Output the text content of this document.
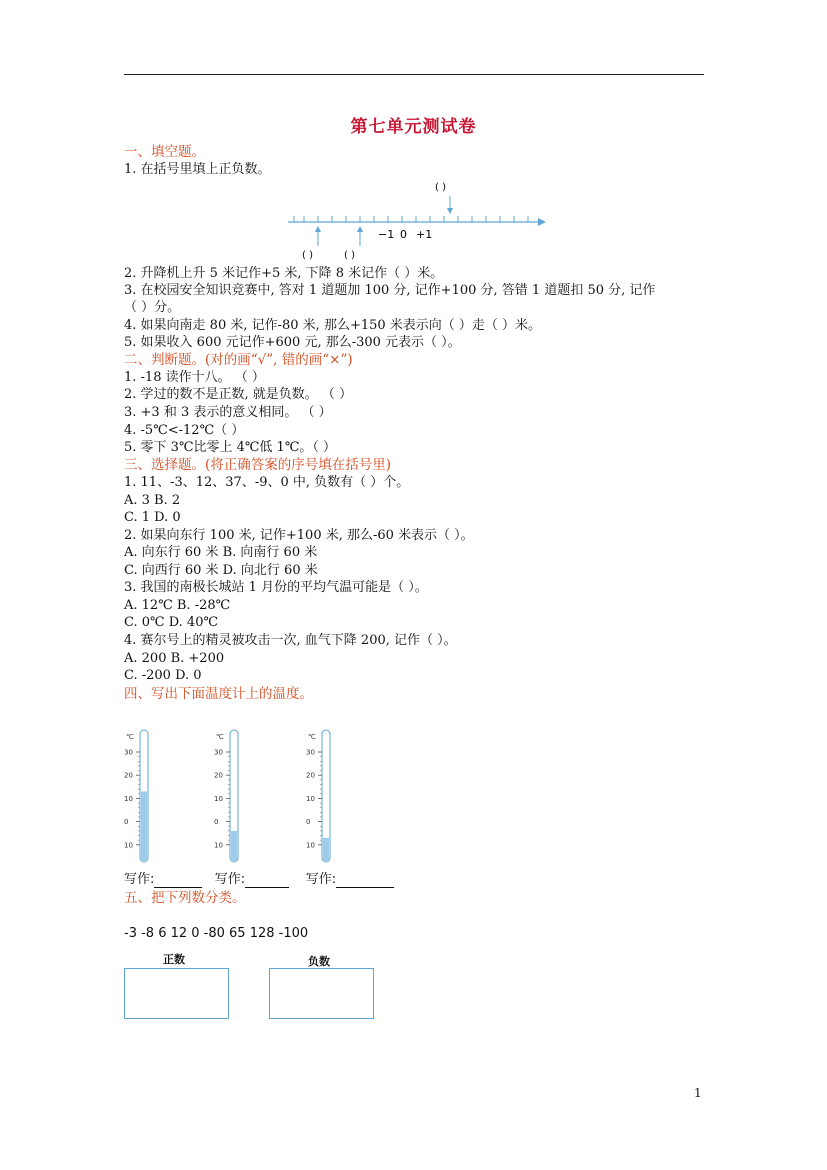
第七单元测试卷
一、填空题。
1. 在括号里填上正负数。
( )
( )	( )
−1 0 +1
2. 升降机上升 5 米记作+5 米, 下降 8 米记作（ ）米。
3. 在校园安全知识竞赛中, 答对 1 道题加 100 分, 记作+100 分, 答错 1 道题扣 50 分, 记作
（ ）分。
4. 如果向南走 80 米, 记作-80 米, 那么+150 米表示向（ ）走（ ）米。
5. 如果收入 600 元记作+600 元, 那么-300 元表示（ ）。
二、判断题。(对的画“√”, 错的画“×”)
1. -18 读作十八。 （ ）
2. 学过的数不是正数, 就是负数。 （ ）
3. +3 和 3 表示的意义相同。 （ ）
4. -5℃<-12℃（ ）
5. 零下 3℃比零上 4℃低 1℃。（ ）
三、选择题。(将正确答案的序号填在括号里)
1. 11、-3、12、37、-9、0 中, 负数有（ ）个。
A. 3 B. 2
C. 1 D. 0
2. 如果向东行 100 米, 记作+100 米, 那么-60 米表示（ ）。
A. 向东行 60 米 B. 向南行 60 米
C. 向西行 60 米 D. 向北行 60 米
3. 我国的南极长城站 1 月份的平均气温可能是（ ）。
A. 12℃ B. -28℃
C. 0℃ D. 40℃
4. 赛尔号上的精灵被攻击一次, 血气下降 200, 记作（ ）。
A. 200 B. +200
C. -200 D. 0
四、写出下面温度计上的温度。
℃
30
20
10
0
10
℃
30
20
10
0
10
℃
30
20
10
0
10
写作:	写作:	写作:
五、把下列数分类。
-3 -8 6 12 0 -80 65 128 -100
正数	负数
1
